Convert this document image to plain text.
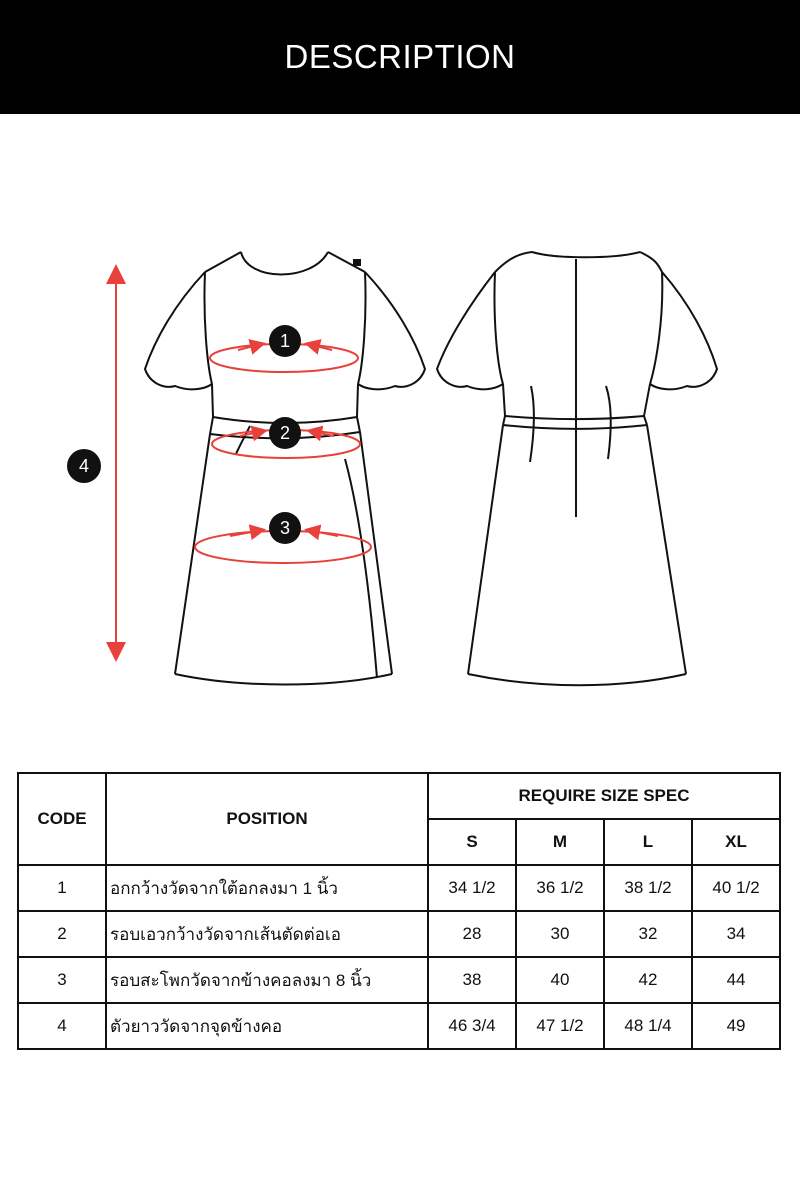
DESCRIPTION
1
2
3
4
CODE	POSITION	REQUIRE SIZE SPEC			
		S	M	L	XL
1	อกกว้างวัดจากใต้อกลงมา 1 นิ้ว	34 1/2	36 1/2	38 1/2	40 1/2
2	รอบเอวกว้างวัดจากเส้นตัดต่อเอ	28	30	32	34
3	รอบสะโพกวัดจากข้างคอลงมา 8 นิ้ว	38	40	42	44
4	ตัวยาววัดจากจุดข้างคอ	46 3/4	47 1/2	48 1/4	49
